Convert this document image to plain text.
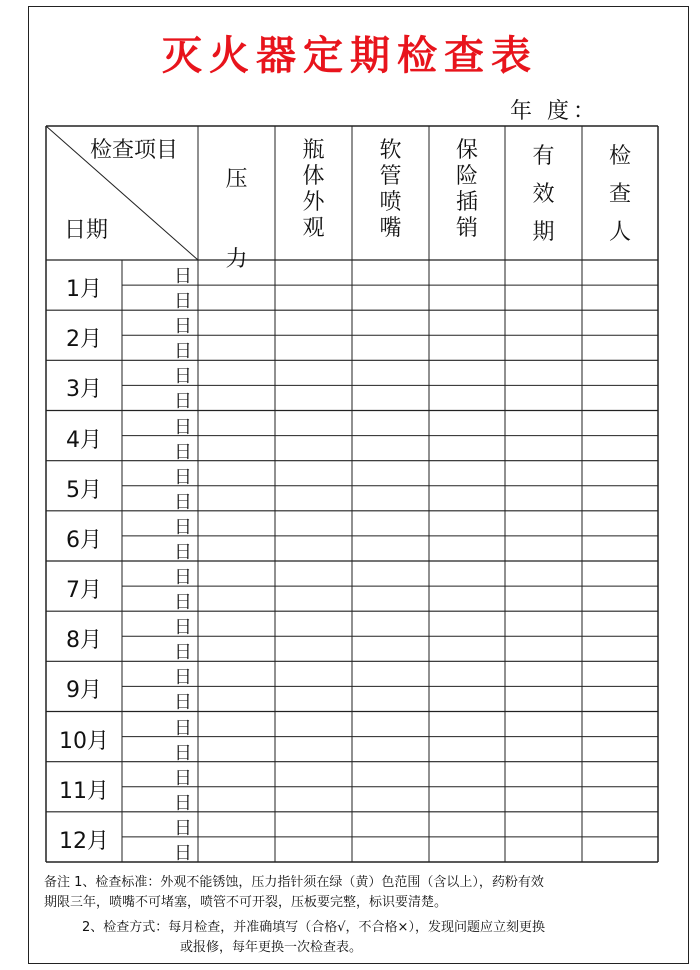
灭火器定期检查表
年 度：
检查项目
日期
压
力
瓶
体
外
观
软
管
喷
嘴
保
险
插
销
有
效
期
检
查
人
1月
日
日
2月
日
日
3月
日
日
4月
日
日
5月
日
日
6月
日
日
7月
日
日
8月
日
日
9月
日
日
10月
日
日
11月
日
日
12月
日
日
备注 1、检查标准：外观不能锈蚀，压力指针须在绿（黄）色范围（含以上），药粉有效
期限三年，喷嘴不可堵塞，喷管不可开裂，压板要完整，标识要清楚。
2、检查方式：每月检查，并准确填写（合格√，不合格×），发现问题应立刻更换
或报修，每年更换一次检查表。
